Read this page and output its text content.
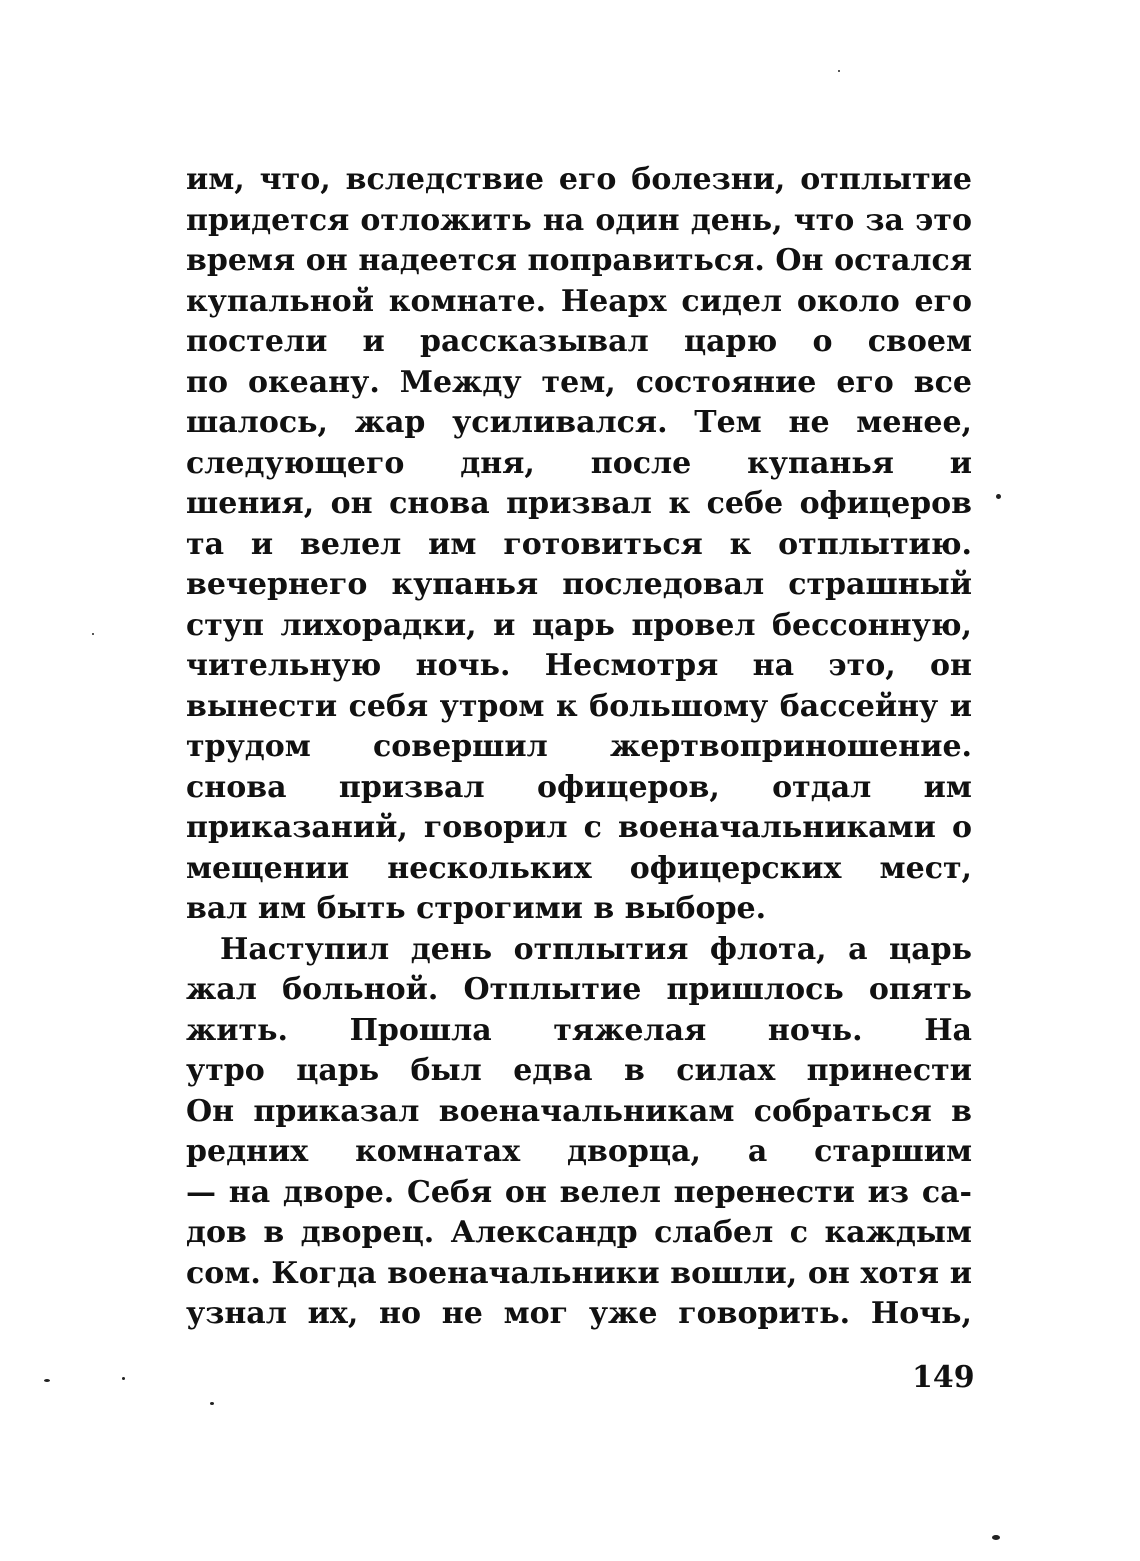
им, что, вследствие его болезни, отплытие
придется отложить на один день, что за это
время он надеется поправиться. Он остался
купальной комнате. Неарх сидел около его
постели и рассказывал царю о своем
по океану. Между тем, состояние его все
шалось, жар усиливался. Тем не менее,
следующего дня, после купанья и
шения, он снова призвал к себе офицеров
та и велел им готовиться к отплытию.
вечернего купанья последовал страшный
ступ лихорадки, и царь провел бессонную,
чительную ночь. Несмотря на это, он
вынести себя утром к большому бассейну и
трудом совершил жертвоприношение.
снова призвал офицеров, отдал им
приказаний, говорил с военачальниками о
мещении нескольких офицерских мест,
вал им быть строгими в выборе.
Наступил день отплытия флота, а царь
жал больной. Отплытие пришлось опять
жить. Прошла тяжелая ночь. На
утро царь был едва в силах принести
Он приказал военачальникам собраться в
редних комнатах дворца, а старшим
— на дворе. Себя он велел перенести из са-
дов в дворец. Александр слабел с каждым
сом. Когда военачальники вошли, он хотя и
узнал их, но не мог уже говорить. Ночь,
149
